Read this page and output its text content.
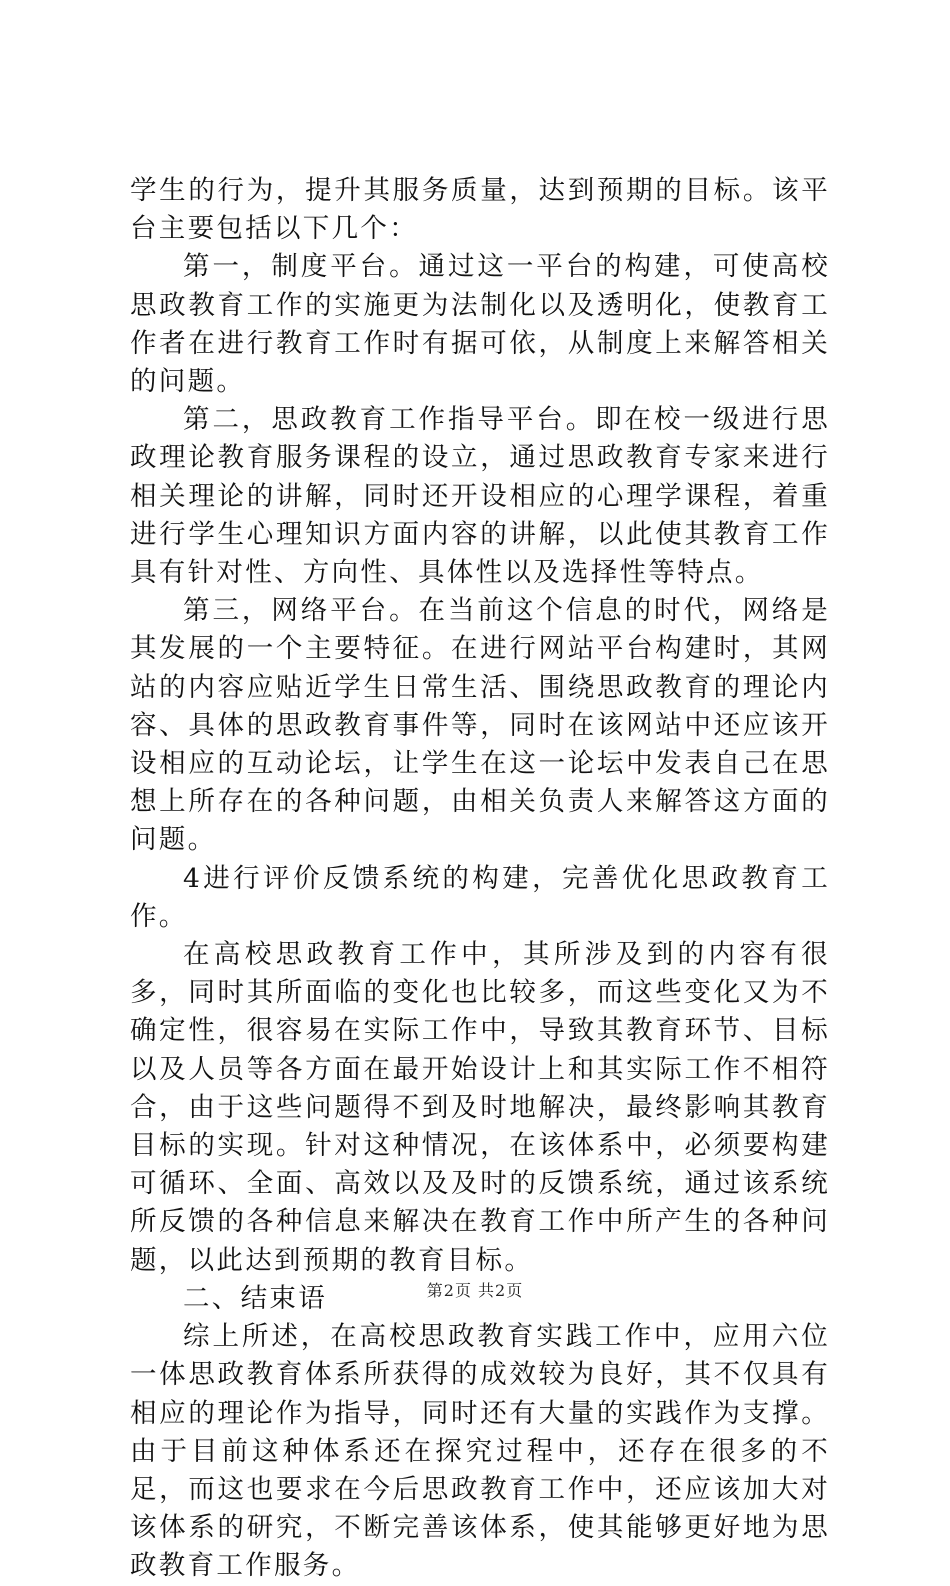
学生的行为，提升其服务质量，达到预期的目标。该平台主要包括以下几个：

第一，制度平台。通过这一平台的构建，可使高校思政教育工作的实施更为法制化以及透明化，使教育工作者在进行教育工作时有据可依，从制度上来解答相关的问题。

第二，思政教育工作指导平台。即在校一级进行思政理论教育服务课程的设立，通过思政教育专家来进行相关理论的讲解，同时还开设相应的心理学课程，着重进行学生心理知识方面内容的讲解，以此使其教育工作具有针对性、方向性、具体性以及选择性等特点。

第三，网络平台。在当前这个信息的时代，网络是其发展的一个主要特征。在进行网站平台构建时，其网站的内容应贴近学生日常生活、围绕思政教育的理论内容、具体的思政教育事件等，同时在该网站中还应该开设相应的互动论坛，让学生在这一论坛中发表自己在思想上所存在的各种问题，由相关负责人来解答这方面的问题。

4进行评价反馈系统的构建，完善优化思政教育工作。

在高校思政教育工作中，其所涉及到的内容有很多，同时其所面临的变化也比较多，而这些变化又为不确定性，很容易在实际工作中，导致其教育环节、目标以及人员等各方面在最开始设计上和其实际工作不相符合，由于这些问题得不到及时地解决，最终影响其教育目标的实现。针对这种情况，在该体系中，必须要构建可循环、全面、高效以及及时的反馈系统，通过该系统所反馈的各种信息来解决在教育工作中所产生的各种问题，以此达到预期的教育目标。

二、结束语

综上所述，在高校思政教育实践工作中，应用六位一体思政教育体系所获得的成效较为良好，其不仅具有相应的理论作为指导，同时还有大量的实践作为支撑。由于目前这种体系还在探究过程中，还存在很多的不足，而这也要求在今后思政教育工作中，还应该加大对该体系的研究，不断完善该体系，使其能够更好地为思政教育工作服务。

第2页 共2页
